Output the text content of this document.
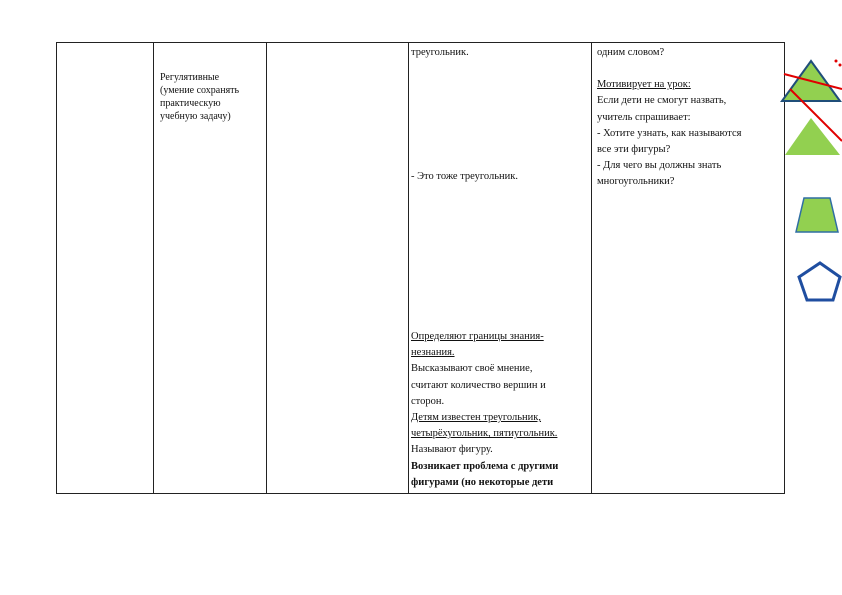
Регулятивные
(умение сохранять
практическую
учебную задачу)
треугольник.
- Это тоже треугольник.
Определяют границы знания-
незнания.
Высказывают своё мнение,
считают количество вершин и
сторон.
Детям известен треугольник,
четырёхугольник, пятиугольник.
Называют фигуру.
Возникает проблема с другими
фигурами (но некоторые дети
одним словом?
Мотивирует на урок:
Если дети не смогут назвать,
учитель спрашивает:
- Хотите узнать, как называются
все эти фигуры?
- Для чего вы должны знать
многоугольники?
